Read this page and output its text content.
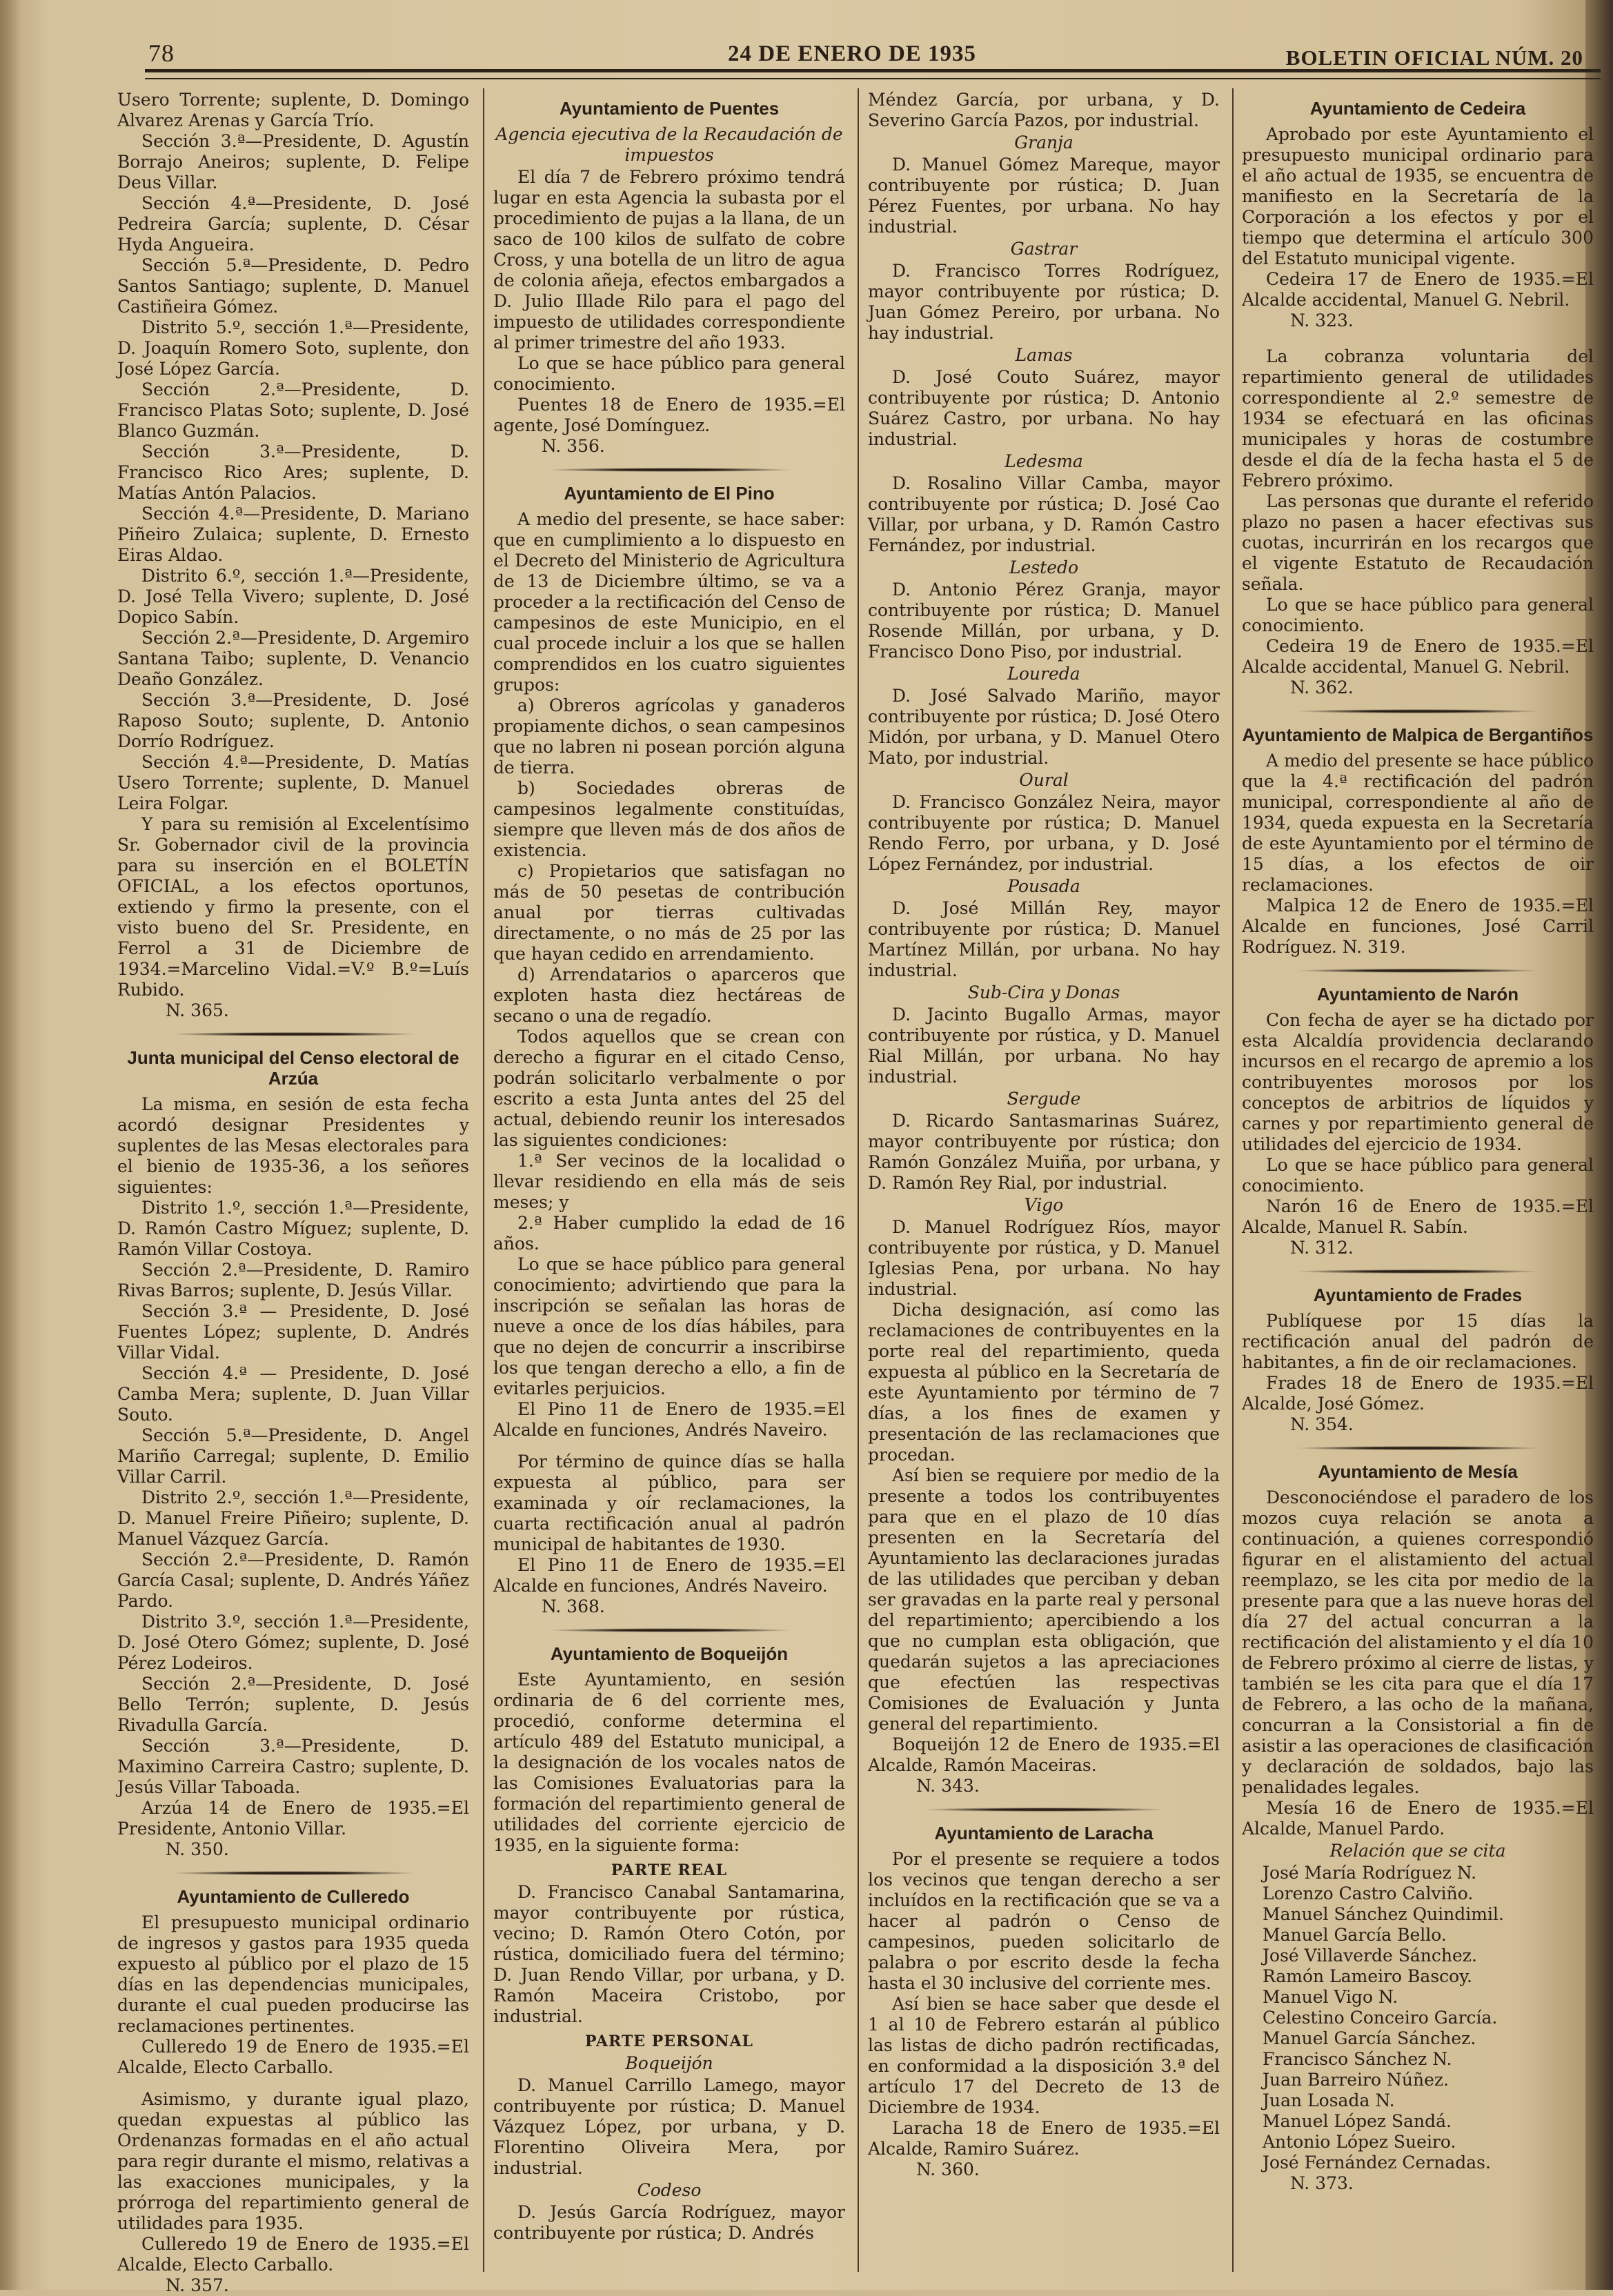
78	24 DE ENERO DE 1935	BOLETIN OFICIAL NÚM. 20

Usero Torrente; suplente, D. Domingo Alvarez Arenas y García Trío.

Sección 3.ª—Presidente, D. Agustín Borrajo Aneiros; suplente, D. Felipe Deus Villar.

Sección 4.ª—Presidente, D. José Pedreira García; suplente, D. César Hyda Angueira.

Sección 5.ª—Presidente, D. Pedro Santos Santiago; suplente, D. Manuel Castiñeira Gómez.

Distrito 5.º, sección 1.ª—Presidente, D. Joaquín Romero Soto, suplente, don José López García.

Sección 2.ª—Presidente, D. Francisco Platas Soto; suplente, D. José Blanco Guzmán.

Sección 3.ª—Presidente, D. Francisco Rico Ares; suplente, D. Matías Antón Palacios.

Sección 4.ª—Presidente, D. Mariano Piñeiro Zulaica; suplente, D. Ernesto Eiras Aldao.

Distrito 6.º, sección 1.ª—Presidente, D. José Tella Vivero; suplente, D. José Dopico Sabín.

Sección 2.ª—Presidente, D. Argemiro Santana Taibo; suplente, D. Venancio Deaño González.

Sección 3.ª—Presidente, D. José Raposo Souto; suplente, D. Antonio Dorrío Rodríguez.

Sección 4.ª—Presidente, D. Matías Usero Torrente; suplente, D. Manuel Leira Folgar.

Y para su remisión al Excelentísimo Sr. Gobernador civil de la provincia para su inserción en el BOLETÍN OFICIAL, a los efectos oportunos, extiendo y firmo la presente, con el visto bueno del Sr. Presidente, en Ferrol a 31 de Diciembre de 1934.=Marcelino Vidal.=V.º B.º=Luís Rubido.

N. 365.

Junta municipal del Censo electoral de Arzúa

La misma, en sesión de esta fecha acordó designar Presidentes y suplentes de las Mesas electorales para el bienio de 1935-36, a los señores siguientes:

Distrito 1.º, sección 1.ª—Presidente, D. Ramón Castro Míguez; suplente, D. Ramón Villar Costoya.

Sección 2.ª—Presidente, D. Ramiro Rivas Barros; suplente, D. Jesús Villar.

Sección 3.ª — Presidente, D. José Fuentes López; suplente, D. Andrés Villar Vidal.

Sección 4.ª — Presidente, D. José Camba Mera; suplente, D. Juan Villar Souto.

Sección 5.ª—Presidente, D. Angel Mariño Carregal; suplente, D. Emilio Villar Carril.

Distrito 2.º, sección 1.ª—Presidente, D. Manuel Freire Piñeiro; suplente, D. Manuel Vázquez García.

Sección 2.ª—Presidente, D. Ramón García Casal; suplente, D. Andrés Yáñez Pardo.

Distrito 3.º, sección 1.ª—Presidente, D. José Otero Gómez; suplente, D. José Pérez Lodeiros.

Sección 2.ª—Presidente, D. José Bello Terrón; suplente, D. Jesús Rivadulla García.

Sección 3.ª—Presidente, D. Maximino Carreira Castro; suplente, D. Jesús Villar Taboada.

Arzúa 14 de Enero de 1935.=El Presidente, Antonio Villar.

N. 350.

Ayuntamiento de Culleredo

El presupuesto municipal ordinario de ingresos y gastos para 1935 queda expuesto al público por el plazo de 15 días en las dependencias municipales, durante el cual pueden producirse las reclamaciones pertinentes.

Culleredo 19 de Enero de 1935.=El Alcalde, Electo Carballo.

Asimismo, y durante igual plazo, quedan expuestas al público las Ordenanzas formadas en el año actual para regir durante el mismo, relativas a las exacciones municipales, y la prórroga del repartimiento general de utilidades para 1935.

Culleredo 19 de Enero de 1935.=El Alcalde, Electo Carballo.

N. 357.

Ayuntamiento de Puentes

Agencia ejecutiva de la Recaudación de impuestos

El día 7 de Febrero próximo tendrá lugar en esta Agencia la subasta por el procedimiento de pujas a la llana, de un saco de 100 kilos de sulfato de cobre Cross, y una botella de un litro de agua de colonia añeja, efectos embargados a D. Julio Illade Rilo para el pago del impuesto de utilidades correspondiente al primer trimestre del año 1933.

Lo que se hace público para general conocimiento.

Puentes 18 de Enero de 1935.=El agente, José Domínguez.

N. 356.

Ayuntamiento de El Pino

A medio del presente, se hace saber: que en cumplimiento a lo dispuesto en el Decreto del Ministerio de Agricultura de 13 de Diciembre último, se va a proceder a la rectificación del Censo de campesinos de este Municipio, en el cual procede incluir a los que se hallen comprendidos en los cuatro siguientes grupos:

a) Obreros agrícolas y ganaderos propiamente dichos, o sean campesinos que no labren ni posean porción alguna de tierra.

b) Sociedades obreras de campesinos legalmente constituídas, siempre que lleven más de dos años de existencia.

c) Propietarios que satisfagan no más de 50 pesetas de contribución anual por tierras cultivadas directamente, o no más de 25 por las que hayan cedido en arrendamiento.

d) Arrendatarios o aparceros que exploten hasta diez hectáreas de secano o una de regadío.

Todos aquellos que se crean con derecho a figurar en el citado Censo, podrán solicitarlo verbalmente o por escrito a esta Junta antes del 25 del actual, debiendo reunir los interesados las siguientes condiciones:

1.ª Ser vecinos de la localidad o llevar residiendo en ella más de seis meses; y

2.ª Haber cumplido la edad de 16 años.

Lo que se hace público para general conocimiento; advirtiendo que para la inscripción se señalan las horas de nueve a once de los días hábiles, para que no dejen de concurrir a inscribirse los que tengan derecho a ello, a fin de evitarles perjuicios.

El Pino 11 de Enero de 1935.=El Alcalde en funciones, Andrés Naveiro.

Por término de quince días se halla expuesta al público, para ser examinada y oír reclamaciones, la cuarta rectificación anual al padrón municipal de habitantes de 1930.

El Pino 11 de Enero de 1935.=El Alcalde en funciones, Andrés Naveiro.

N. 368.

Ayuntamiento de Boqueijón

Este Ayuntamiento, en sesión ordinaria de 6 del corriente mes, procedió, conforme determina el artículo 489 del Estatuto municipal, a la designación de los vocales natos de las Comisiones Evaluatorias para la formación del repartimiento general de utilidades del corriente ejercicio de 1935, en la siguiente forma:

PARTE REAL

D. Francisco Canabal Santamarina, mayor contribuyente por rústica, vecino; D. Ramón Otero Cotón, por rústica, domiciliado fuera del término; D. Juan Rendo Villar, por urbana, y D. Ramón Maceira Cristobo, por industrial.

PARTE PERSONAL

Boqueijón

D. Manuel Carrillo Lamego, mayor contribuyente por rústica; D. Manuel Vázquez López, por urbana, y D. Florentino Oliveira Mera, por industrial.

Codeso

D. Jesús García Rodríguez, mayor contribuyente por rústica; D. Andrés

Méndez García, por urbana, y D. Severino García Pazos, por industrial.

Granja

D. Manuel Gómez Mareque, mayor contribuyente por rústica; D. Juan Pérez Fuentes, por urbana. No hay industrial.

Gastrar

D. Francisco Torres Rodríguez, mayor contribuyente por rústica; D. Juan Gómez Pereiro, por urbana. No hay industrial.

Lamas

D. José Couto Suárez, mayor contribuyente por rústica; D. Antonio Suárez Castro, por urbana. No hay industrial.

Ledesma

D. Rosalino Villar Camba, mayor contribuyente por rústica; D. José Cao Villar, por urbana, y D. Ramón Castro Fernández, por industrial.

Lestedo

D. Antonio Pérez Granja, mayor contribuyente por rústica; D. Manuel Rosende Millán, por urbana, y D. Francisco Dono Piso, por industrial.

Loureda

D. José Salvado Mariño, mayor contribuyente por rústica; D. José Otero Midón, por urbana, y D. Manuel Otero Mato, por industrial.

Oural

D. Francisco González Neira, mayor contribuyente por rústica; D. Manuel Rendo Ferro, por urbana, y D. José López Fernández, por industrial.

Pousada

D. José Millán Rey, mayor contribuyente por rústica; D. Manuel Martínez Millán, por urbana. No hay industrial.

Sub-Cira y Donas

D. Jacinto Bugallo Armas, mayor contribuyente por rústica, y D. Manuel Rial Millán, por urbana. No hay industrial.

Sergude

D. Ricardo Santasmarinas Suárez, mayor contribuyente por rústica; don Ramón González Muiña, por urbana, y D. Ramón Rey Rial, por industrial.

Vigo

D. Manuel Rodríguez Ríos, mayor contribuyente por rústica, y D. Manuel Iglesias Pena, por urbana. No hay industrial.

Dicha designación, así como las reclamaciones de contribuyentes en la porte real del repartimiento, queda expuesta al público en la Secretaría de este Ayuntamiento por término de 7 días, a los fines de examen y presentación de las reclamaciones que procedan.

Así bien se requiere por medio de la presente a todos los contribuyentes para que en el plazo de 10 días presenten en la Secretaría del Ayuntamiento las declaraciones juradas de las utilidades que perciban y deban ser gravadas en la parte real y personal del repartimiento; apercibiendo a los que no cumplan esta obligación, que quedarán sujetos a las apreciaciones que efectúen las respectivas Comisiones de Evaluación y Junta general del repartimiento.

Boqueijón 12 de Enero de 1935.=El Alcalde, Ramón Maceiras.

N. 343.

Ayuntamiento de Laracha

Por el presente se requiere a todos los vecinos que tengan derecho a ser incluídos en la rectificación que se va a hacer al padrón o Censo de campesinos, pueden solicitarlo de palabra o por escrito desde la fecha hasta el 30 inclusive del corriente mes.

Así bien se hace saber que desde el 1 al 10 de Febrero estarán al público las listas de dicho padrón rectificadas, en conformidad a la disposición 3.ª del artículo 17 del Decreto de 13 de Diciembre de 1934.

Laracha 18 de Enero de 1935.=El Alcalde, Ramiro Suárez.

N. 360.

Ayuntamiento de Cedeira

Aprobado por este Ayuntamiento el presupuesto municipal ordinario para el año actual de 1935, se encuentra de manifiesto en la Secretaría de la Corporación a los efectos y por el tiempo que determina el artículo 300 del Estatuto municipal vigente.

Cedeira 17 de Enero de 1935.=El Alcalde accidental, Manuel G. Nebril.

N. 323.

La cobranza voluntaria del repartimiento general de utilidades correspondiente al 2.º semestre de 1934 se efectuará en las oficinas municipales y horas de costumbre desde el día de la fecha hasta el 5 de Febrero próximo.

Las personas que durante el referido plazo no pasen a hacer efectivas sus cuotas, incurrirán en los recargos que el vigente Estatuto de Recaudación señala.

Lo que se hace público para general conocimiento.

Cedeira 19 de Enero de 1935.=El Alcalde accidental, Manuel G. Nebril.

N. 362.

Ayuntamiento de Malpica de Bergantiños

A medio del presente se hace público que la 4.ª rectificación del padrón municipal, correspondiente al año de 1934, queda expuesta en la Secretaría de este Ayuntamiento por el término de 15 días, a los efectos de oir reclamaciones.

Malpica 12 de Enero de 1935.=El Alcalde en funciones, José Carril Rodríguez. N. 319.

Ayuntamiento de Narón

Con fecha de ayer se ha dictado por esta Alcaldía providencia declarando incursos en el recargo de apremio a los contribuyentes morosos por los conceptos de arbitrios de líquidos y carnes y por repartimiento general de utilidades del ejercicio de 1934.

Lo que se hace público para general conocimiento.

Narón 16 de Enero de 1935.=El Alcalde, Manuel R. Sabín.

N. 312.

Ayuntamiento de Frades

Publíquese por 15 días la rectificación anual del padrón de habitantes, a fin de oir reclamaciones.

Frades 18 de Enero de 1935.=El Alcalde, José Gómez.

N. 354.

Ayuntamiento de Mesía

Desconociéndose el paradero de los mozos cuya relación se anota a continuación, a quienes correspondió figurar en el alistamiento del actual reemplazo, se les cita por medio de la presente para que a las nueve horas del día 27 del actual concurran a la rectificación del alistamiento y el día 10 de Febrero próximo al cierre de listas, y también se les cita para que el día 17 de Febrero, a las ocho de la mañana, concurran a la Consistorial a fin de asistir a las operaciones de clasificación y declaración de soldados, bajo las penalidades legales.

Mesía 16 de Enero de 1935.=El Alcalde, Manuel Pardo.

Relación que se cita

José María Rodríguez N.

Lorenzo Castro Calviño.

Manuel Sánchez Quindimil.

Manuel García Bello.

José Villaverde Sánchez.

Ramón Lameiro Bascoy.

Manuel Vigo N.

Celestino Conceiro García.

Manuel García Sánchez.

Francisco Sánchez N.

Juan Barreiro Núñez.

Juan Losada N.

Manuel López Sandá.

Antonio López Sueiro.

José Fernández Cernadas.

N. 373.
